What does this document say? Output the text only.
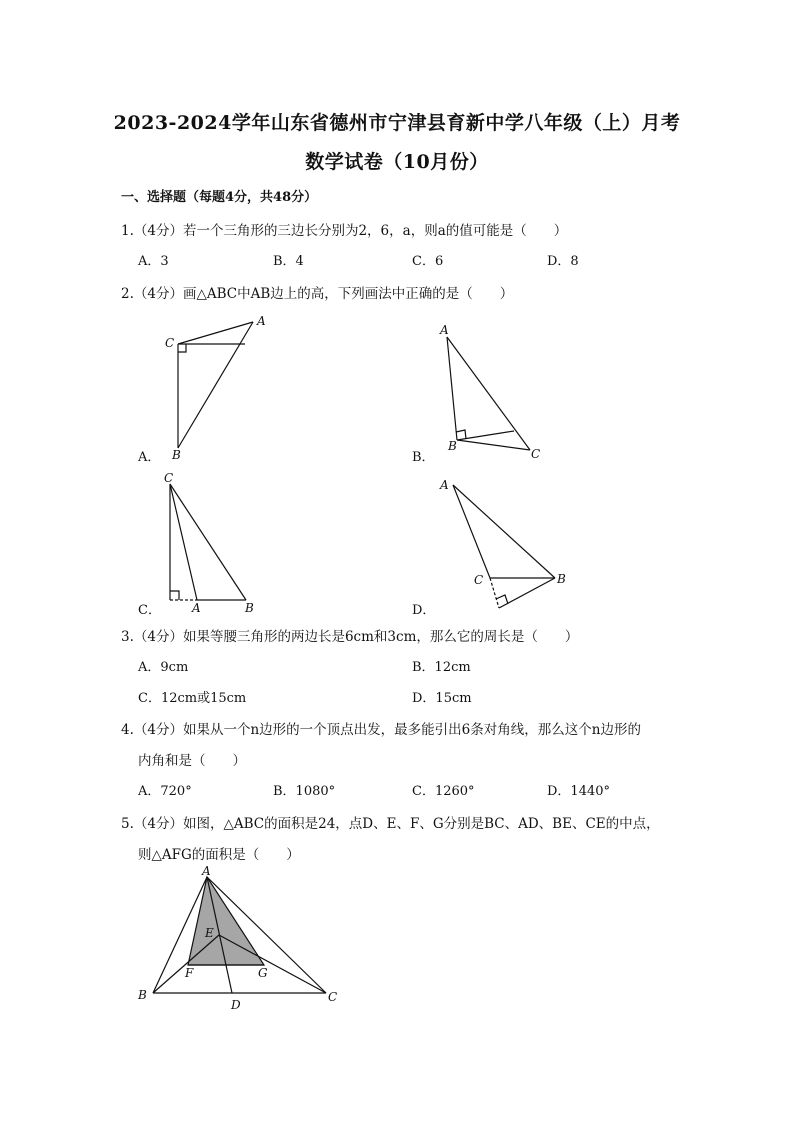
2023-2024学年山东省德州市宁津县育新中学八年级（上）月考
数学试卷（10月份）
一、选择题（每题4分，共48分）
1.（4分）若一个三角形的三边长分别为2，6，a，则a的值可能是（　　）
A．3	B．4	C．6	D．8
2.（4分）画△ABC中AB边上的高，下列画法中正确的是（　　）
A
C
B
A．
A
B
C
B．
C
A	B
C．
A
C	B
D．
3.（4分）如果等腰三角形的两边长是6cm和3cm，那么它的周长是（　　）
A．9cm	B．12cm
C．12cm或15cm	D．15cm
4.（4分）如果从一个n边形的一个顶点出发，最多能引出6条对角线，那么这个n边形的
内角和是（　　）
A．720°	B．1080°	C．1260°	D．1440°
5.（4分）如图，△ABC的面积是24，点D、E、F、G分别是BC、AD、BE、CE的中点，
则△AFG的面积是（　　）
A
E
F	G
B
D
C
